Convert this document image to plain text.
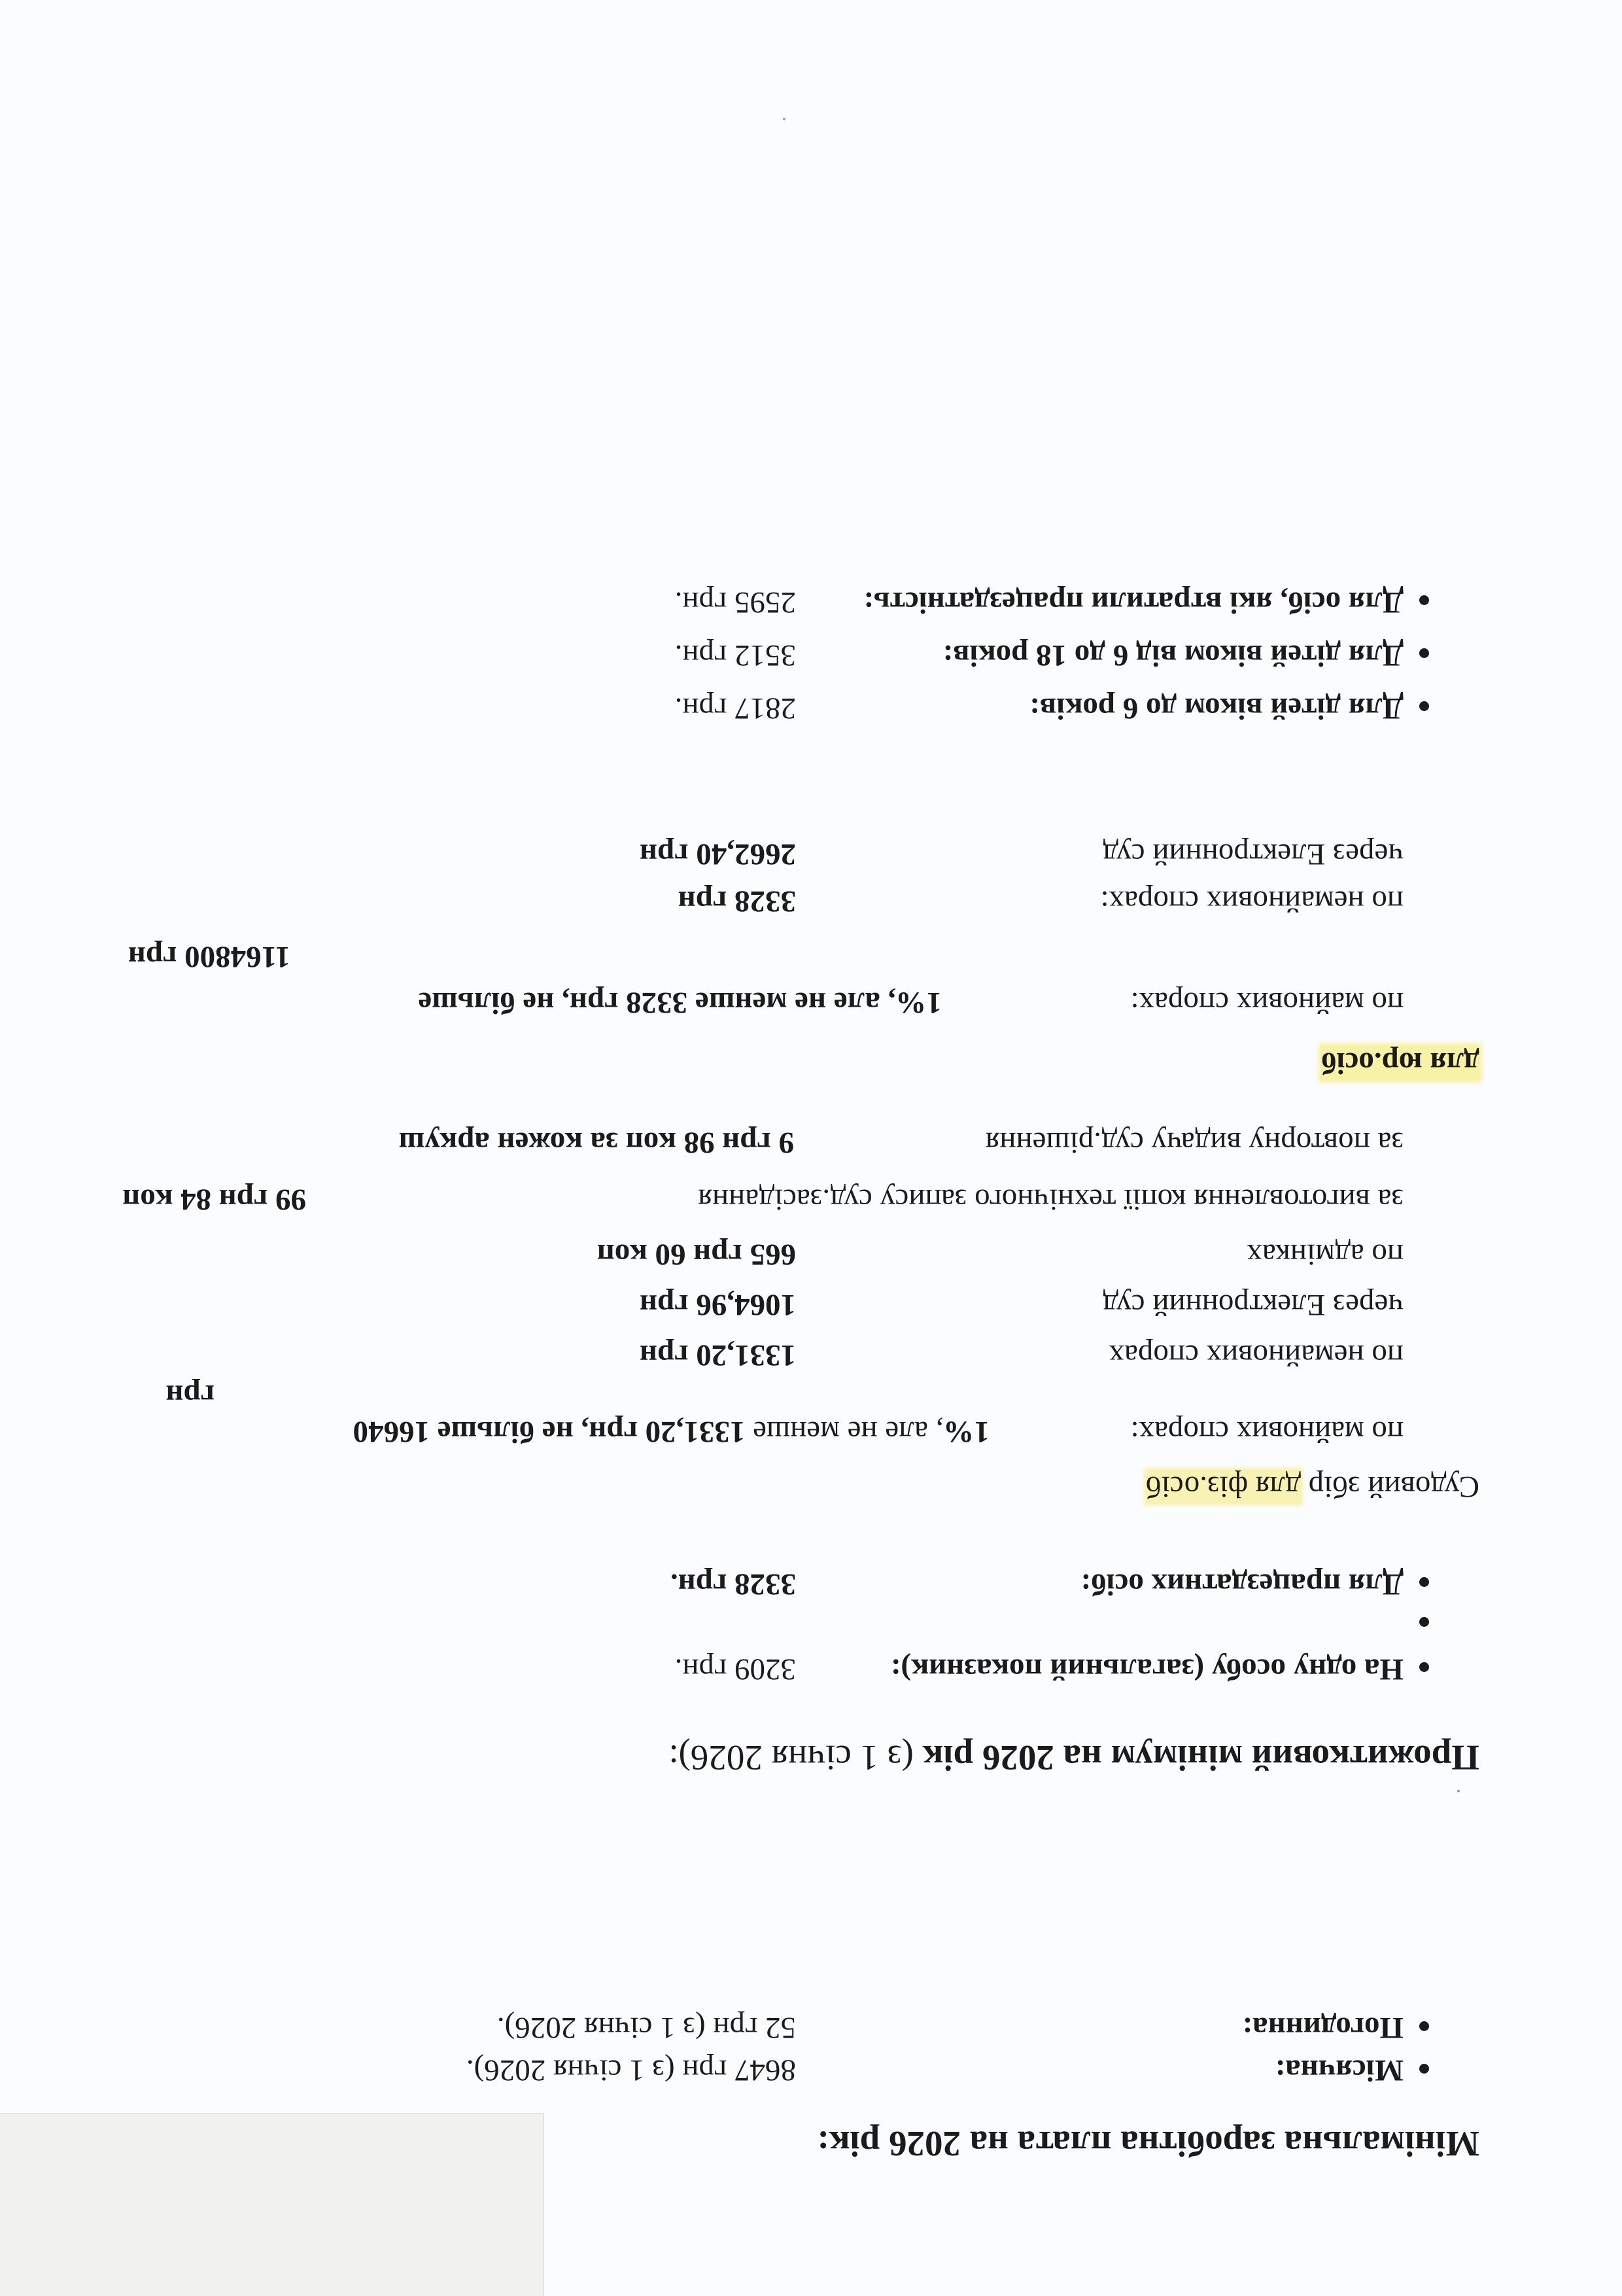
Мінімальна заробітна плата на 2026 рік:
Місячна:
8647 грн (з 1 січня 2026).
Погодинна:
52 грн (з 1 січня 2026).
Прожитковий мінімум на 2026 рік (з 1 січня 2026):
На одну особу (загальний показник):
3209 грн.
Для працездатних осіб:
3328 грн.
Судовий збір для фіз.осіб
по майнових спорах:
1%, але не менше 1331,20 грн, не більше 16640
грн
по немайнових спорах
1331,20 грн
через Електронний суд
1064,96 грн
по адмінках
665 грн 60 коп
за виготовлення копії технічного запису суд.засідання
99 грн 84 коп
за повторну видачу суд.рішення
9 грн 98 коп за кожен аркуш
для юр.осіб
по майнових спорах:
1%, але не менше 3328 грн, не більше
1164800 грн
по немайнових спорах:
3328 грн
через Електронний суд
2662,40 грн
Для дітей віком до 6 років:
2817 грн.
Для дітей віком від 6 до 18 років:
3512 грн.
Для осіб, які втратили працездатність:
2595 грн.
